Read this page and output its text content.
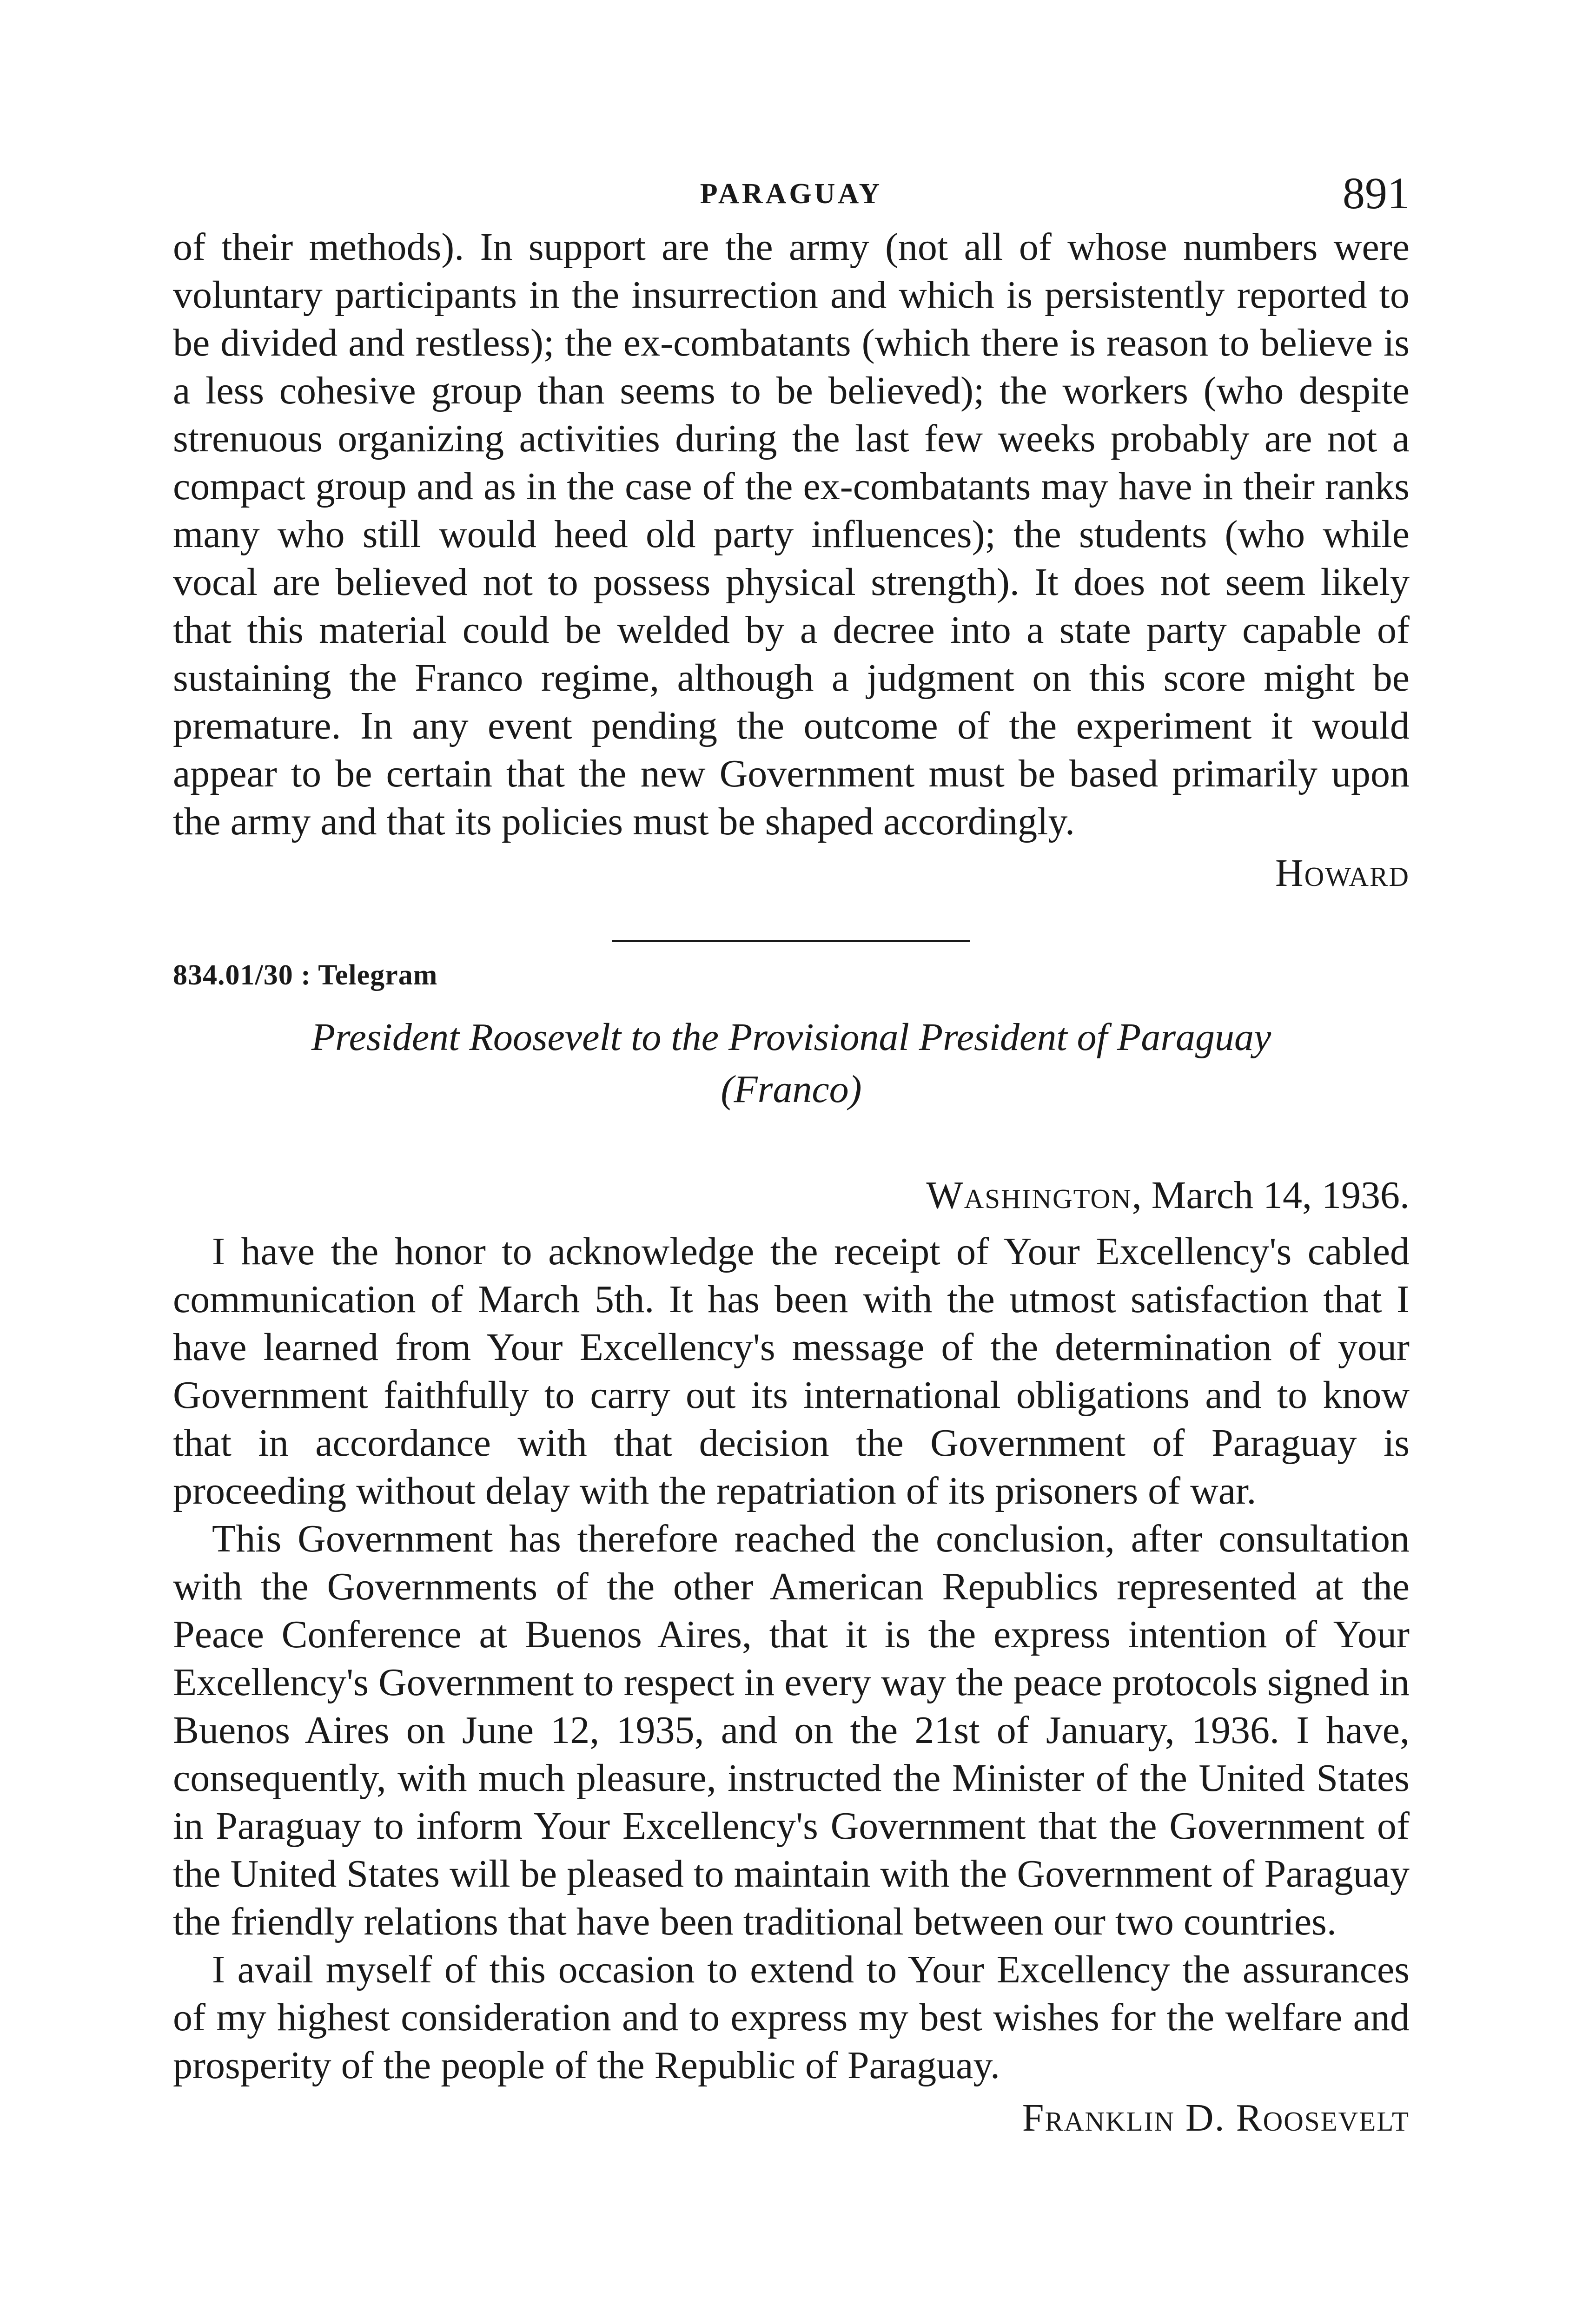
PARAGUAY	891

of their methods). In support are the army (not all of whose numbers were voluntary participants in the insurrection and which is persistently reported to be divided and restless); the ex-combatants (which there is reason to believe is a less cohesive group than seems to be believed); the workers (who despite strenuous organizing activities during the last few weeks probably are not a compact group and as in the case of the ex-combatants may have in their ranks many who still would heed old party influences); the students (who while vocal are believed not to possess physical strength). It does not seem likely that this material could be welded by a decree into a state party capable of sustaining the Franco regime, although a judgment on this score might be premature. In any event pending the outcome of the experiment it would appear to be certain that the new Government must be based primarily upon the army and that its policies must be shaped accordingly.

Howard
834.01/30 : Telegram
President Roosevelt to the Provisional President of Paraguay
(Franco)
Washington, March 14, 1936.

I have the honor to acknowledge the receipt of Your Excellency's cabled communication of March 5th. It has been with the utmost satisfaction that I have learned from Your Excellency's message of the determination of your Government faithfully to carry out its international obligations and to know that in accordance with that decision the Government of Paraguay is proceeding without delay with the repatriation of its prisoners of war.

This Government has therefore reached the conclusion, after consultation with the Governments of the other American Republics represented at the Peace Conference at Buenos Aires, that it is the express intention of Your Excellency's Government to respect in every way the peace protocols signed in Buenos Aires on June 12, 1935, and on the 21st of January, 1936. I have, consequently, with much pleasure, instructed the Minister of the United States in Paraguay to inform Your Excellency's Government that the Government of the United States will be pleased to maintain with the Government of Paraguay the friendly relations that have been traditional between our two countries.

I avail myself of this occasion to extend to Your Excellency the assurances of my highest consideration and to express my best wishes for the welfare and prosperity of the people of the Republic of Paraguay.

Franklin D. Roosevelt
